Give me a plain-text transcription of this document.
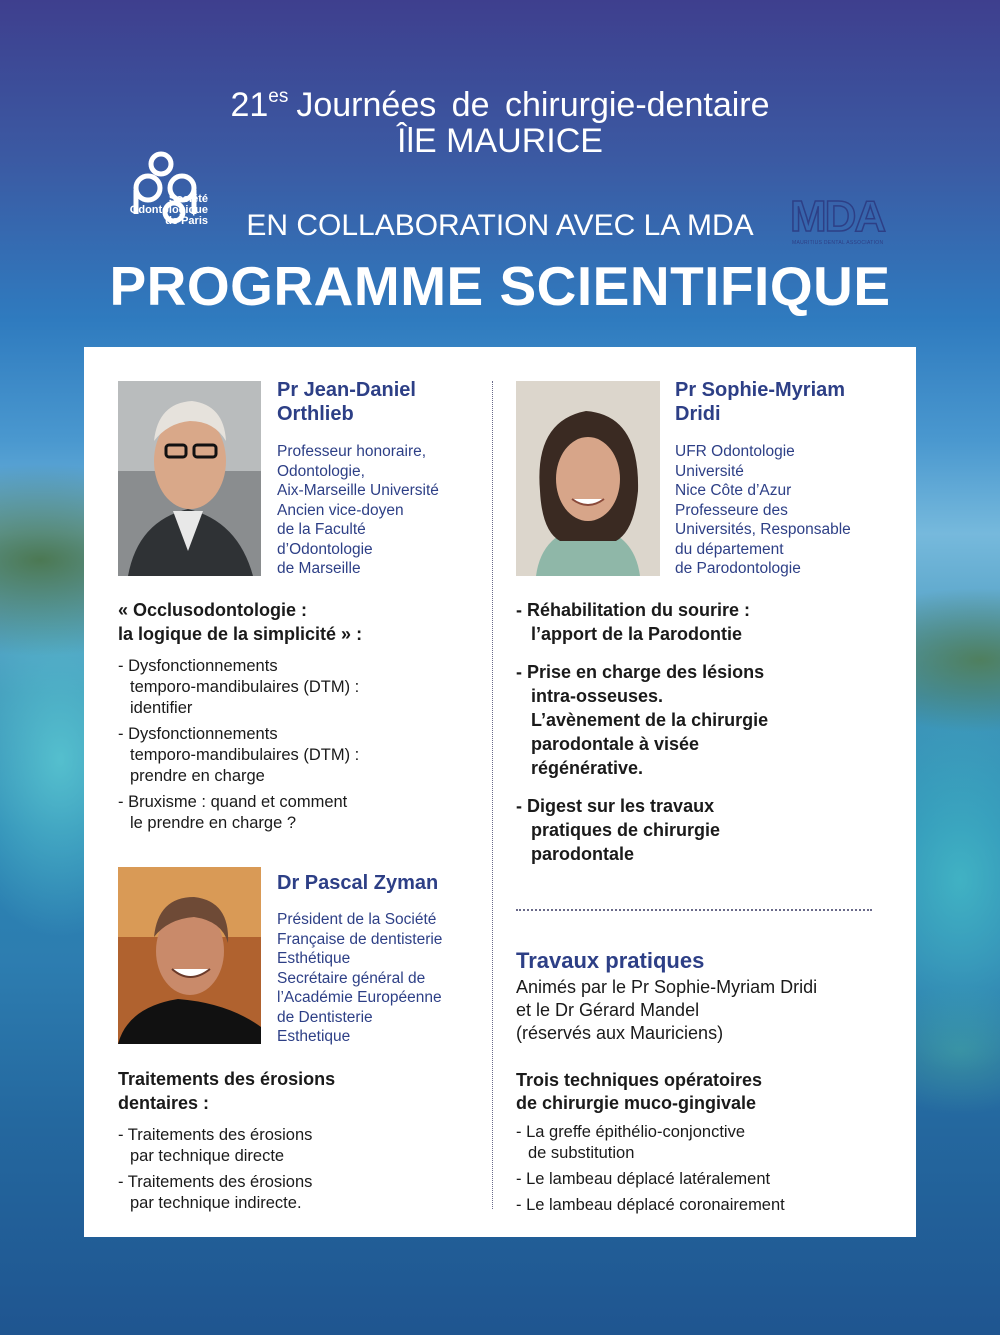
$21^{es}$ Journées de chirurgie-dentaire
ÎlE MAURICE
EN COLLABORATION AVEC LA MDA
PROGRAMME SCIENTIFIQUE
Société
Odontologique
de Paris	MDA
MAURITIUS DENTAL ASSOCIATION
Pr Jean-Daniel
Orthlieb
Professeur honoraire,
Odontologie,
Aix-Marseille Université
Ancien vice-doyen
de la Faculté
d’Odontologie
de Marseille
« Occlusodontologie :
la logique de la simplicité » :
- Dysfonctionnements
temporo-mandibulaires (DTM) :
identifier
- Dysfonctionnements
temporo-mandibulaires (DTM) :
prendre en charge
- Bruxisme : quand et comment
le prendre en charge ?
Dr Pascal Zyman
Président de la Société
Française de dentisterie
Esthétique
Secrétaire général de
l’Académie Européenne
de Dentisterie
Esthetique
Traitements des érosions
dentaires :
- Traitements des érosions
par technique directe
- Traitements des érosions
par technique indirecte.
Pr Sophie-Myriam
Dridi
UFR Odontologie
Université
Nice Côte d’Azur
Professeure des
Universités, Responsable
du département
de Parodontologie
- Réhabilitation du sourire :
l’apport de la Parodontie
- Prise en charge des lésions
intra-osseuses.
L’avènement de la chirurgie
parodontale à visée
régénérative.
- Digest sur les travaux
pratiques de chirurgie
parodontale
Travaux pratiques
Animés par le Pr Sophie-Myriam Dridi
et le Dr Gérard Mandel
(réservés aux Mauriciens)
Trois techniques opératoires
de chirurgie muco-gingivale
- La greffe épithélio-conjonctive
de substitution
- Le lambeau déplacé latéralement
- Le lambeau déplacé coronairement
